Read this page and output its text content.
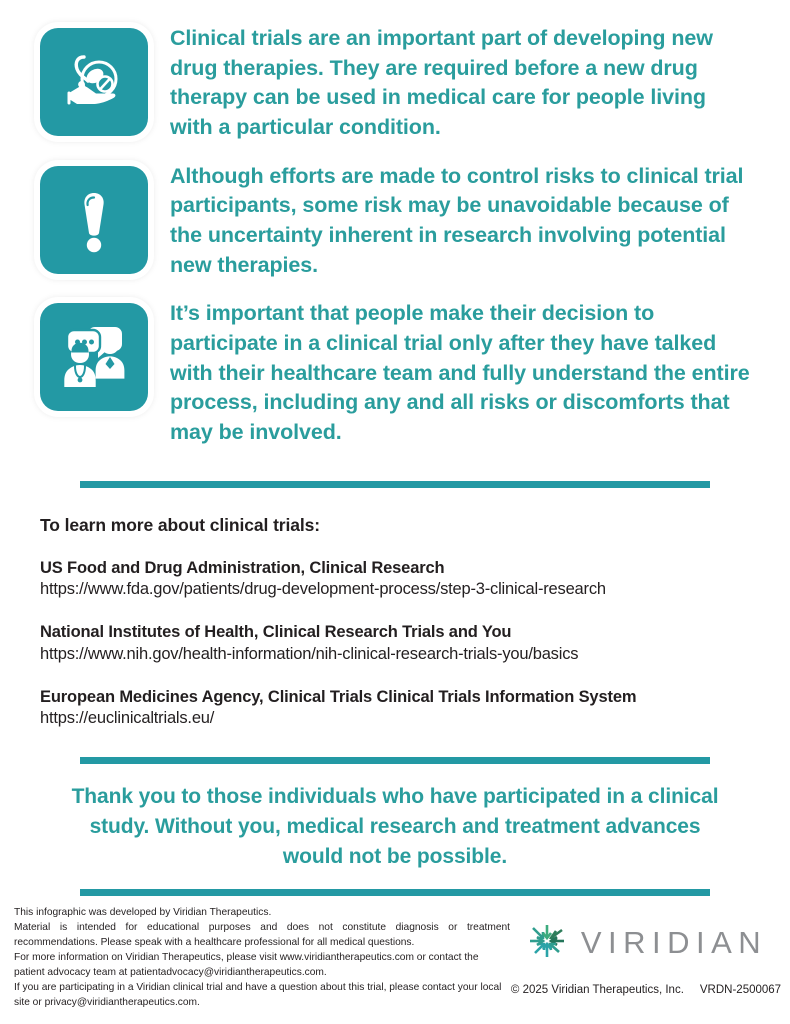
Clinical trials are an important part of developing new drug therapies. They are required before a new drug therapy can be used in medical care for people living with a particular condition.
Although efforts are made to control risks to clinical trial participants, some risk may be unavoidable because of the uncertainty inherent in research involving potential new therapies.
It’s important that people make their decision to participate in a clinical trial only after they have talked with their healthcare team and fully understand the entire process, including any and all risks or discomforts that may be involved.
To learn more about clinical trials:
US Food and Drug Administration, Clinical Research
https://www.fda.gov/patients/drug-development-process/step-3-clinical-research
National Institutes of Health, Clinical Research Trials and You
https://www.nih.gov/health-information/nih-clinical-research-trials-you/basics
European Medicines Agency, Clinical Trials Clinical Trials Information System
https://euclinicaltrials.eu/
Thank you to those individuals who have participated in a clinical study. Without you, medical research and treatment advances would not be possible.

This infographic was developed by Viridian Therapeutics.

Material is intended for educational purposes and does not constitute diagnosis or treatment recommendations. Please speak with a healthcare professional for all medical questions.

For more information on Viridian Therapeutics, please visit www.viridiantherapeutics.com or contact the patient advocacy team at patientadvocacy@viridiantherapeutics.com.

If you are participating in a Viridian clinical trial and have a question about this trial, please contact your local site or privacy@viridiantherapeutics.com.

VIRIDIAN
© 2025 Viridian Therapeutics, Inc. VRDN-2500067
